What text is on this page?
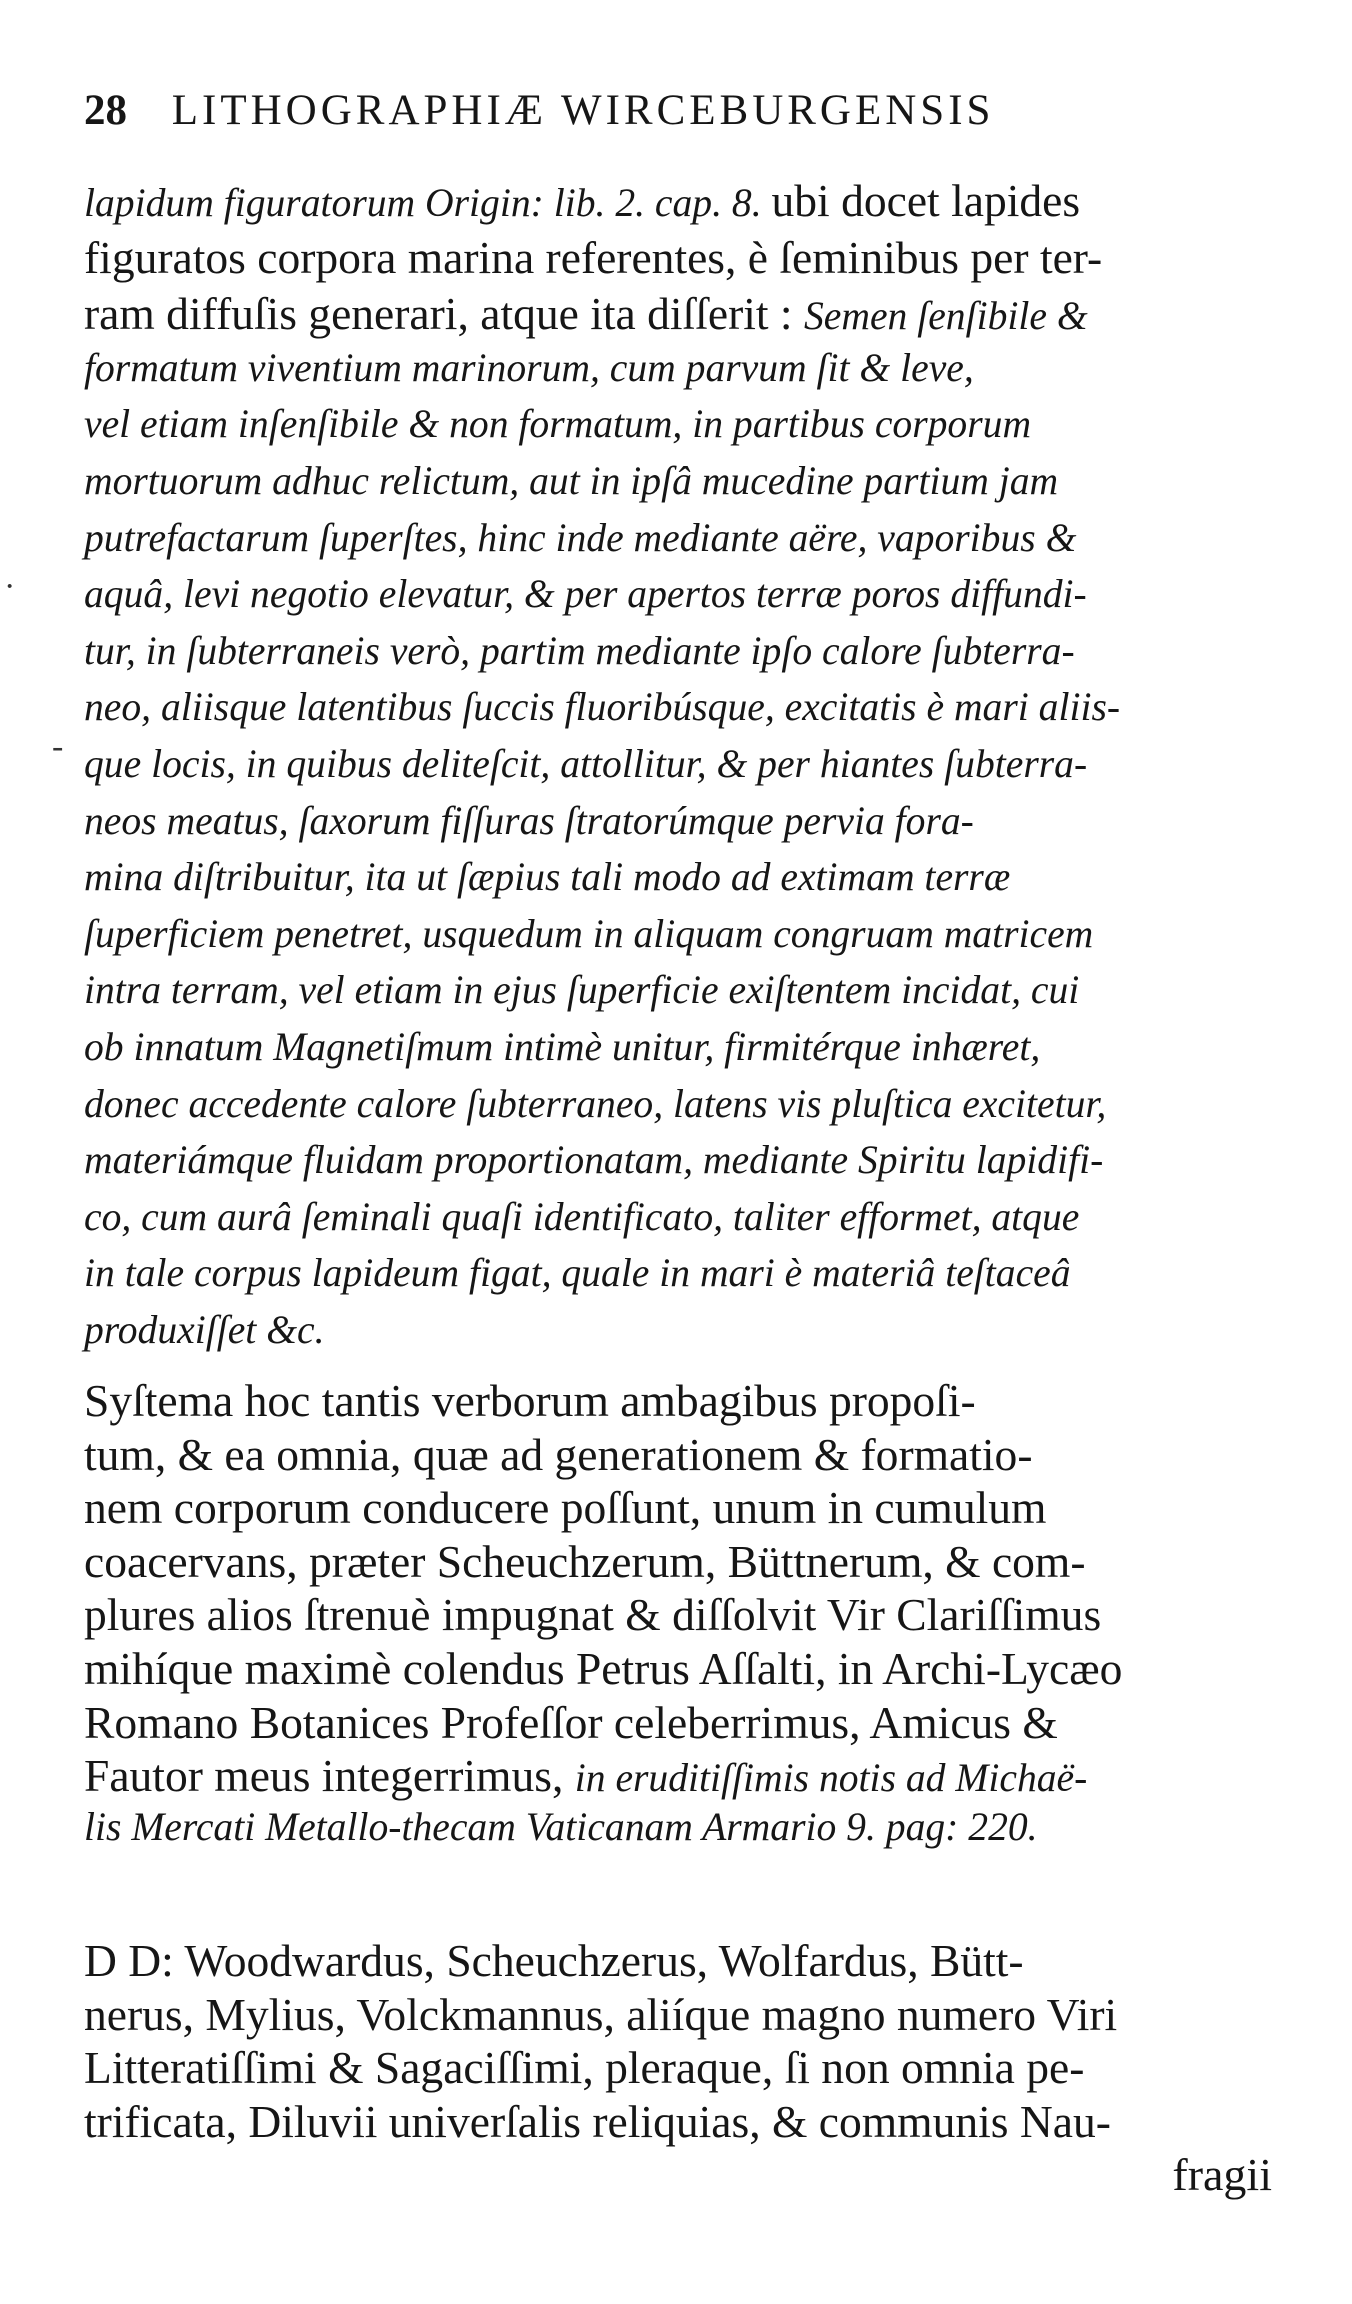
28 LITHOGRAPHIÆ WIRCEBURGENSIS
lapidum figuratorum Origin: lib. 2. cap. 8. ubi docet lapides
figuratos corpora marina referentes, è ſeminibus per ter-
ram diffuſis generari, atque ita diſſerit : Semen ſenſibile &
formatum viventium marinorum, cum parvum ſit & leve,
vel etiam inſenſibile & non formatum, in partibus corporum
mortuorum adhuc relictum, aut in ipſâ mucedine partium jam
putrefactarum ſuperſtes, hinc inde mediante aëre, vaporibus &
aquâ, levi negotio elevatur, & per apertos terræ poros diffundi-
tur, in ſubterraneis verò, partim mediante ipſo calore ſubterra-
neo, aliisque latentibus ſuccis fluoribúsque, excitatis è mari aliis-
que locis, in quibus deliteſcit, attollitur, & per hiantes ſubterra-
neos meatus, ſaxorum fiſſuras ſtratorúmque pervia fora-
mina diſtribuitur, ita ut ſæpius tali modo ad extimam terræ
ſuperficiem penetret, usquedum in aliquam congruam matricem
intra terram, vel etiam in ejus ſuperficie exiſtentem incidat, cui
ob innatum Magnetiſmum intimè unitur, firmitérque inhæret,
donec accedente calore ſubterraneo, latens vis pluſtica excitetur,
materiámque fluidam proportionatam, mediante Spiritu lapidifi-
co, cum aurâ ſeminali quaſi identificato, taliter efformet, atque
in tale corpus lapideum figat, quale in mari è materiâ teſtaceâ
produxiſſet &c.
Syſtema hoc tantis verborum ambagibus propoſi-
tum, & ea omnia, quæ ad generationem & formatio-
nem corporum conducere poſſunt, unum in cumulum
coacervans, præter Scheuchzerum, Büttnerum, & com-
plures alios ſtrenuè impugnat & diſſolvit Vir Clariſſimus
mihíque maximè colendus Petrus Aſſalti, in Archi-Lycæo
Romano Botanices Profeſſor celeberrimus, Amicus &
Fautor meus integerrimus, in eruditiſſimis notis ad Michaë-
lis Mercati Metallo-thecam Vaticanam Armario 9. pag: 220.
D D: Woodwardus, Scheuchzerus, Wolfardus, Bütt-
nerus, Mylius, Volckmannus, aliíque magno numero Viri
Litteratiſſimi & Sagaciſſimi, pleraque, ſi non omnia pe-
trificata, Diluvii univerſalis reliquias, & communis Nau-
fragii
·
-
